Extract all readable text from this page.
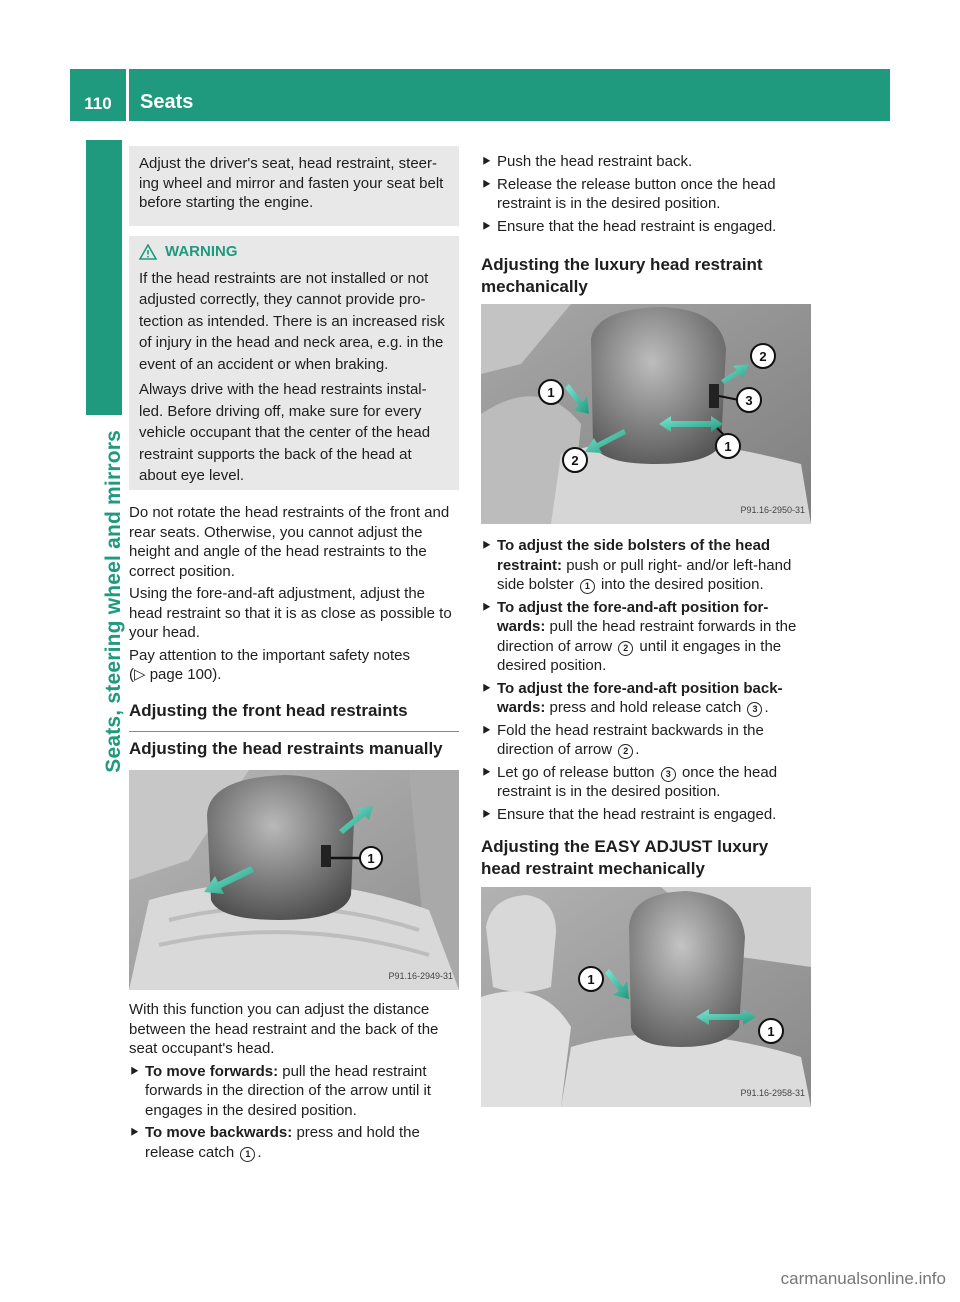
110	Seats
Seats, steering wheel and mirrors
Adjust the driver's seat, head restraint, steer-ing wheel and mirror and fasten your seat belt before starting the engine.
WARNING
If the head restraints are not installed or not adjusted correctly, they cannot provide pro-tection as intended. There is an increased risk of injury in the head and neck area, e.g. in the event of an accident or when braking.
Always drive with the head restraints instal-led. Before driving off, make sure for every vehicle occupant that the center of the head restraint supports the back of the head at about eye level.
Do not rotate the head restraints of the front and rear seats. Otherwise, you cannot adjust the height and angle of the head restraints to the correct position.
Using the fore-and-aft adjustment, adjust the head restraint so that it is as close as possible to your head.
Pay attention to the important safety notes
(▷ page 100).
Adjusting the front head restraints
Adjusting the head restraints manually
1
P91.16-2949-31
With this function you can adjust the distance between the head restraint and the back of the seat occupant's head.
⯈ To move forwards: pull the head restraint forwards in the direction of the arrow until it engages in the desired position.
⯈ To move backwards: press and hold the release catch 1 .
⯈ Push the head restraint back.
⯈ Release the release button once the head restraint is in the desired position.
⯈ Ensure that the head restraint is engaged.
Adjusting the luxury head restraint mechanically
1
1
2
3
2
P91.16-2950-31
⯈ To adjust the side bolsters of the head restraint: push or pull right- and/or left-hand side bolster 1 into the desired position.
⯈ To adjust the fore-and-aft position for-wards: pull the head restraint forwards in the direction of arrow 2 until it engages in the desired position.
⯈ To adjust the fore-and-aft position back-wards: press and hold release catch 3 .
⯈ Fold the head restraint backwards in the direction of arrow 2 .
⯈ Let go of release button 3 once the head restraint is in the desired position.
⯈ Ensure that the head restraint is engaged.
Adjusting the EASY ADJUST luxury head restraint mechanically
1
1
P91.16-2958-31
carmanualsonline.info
